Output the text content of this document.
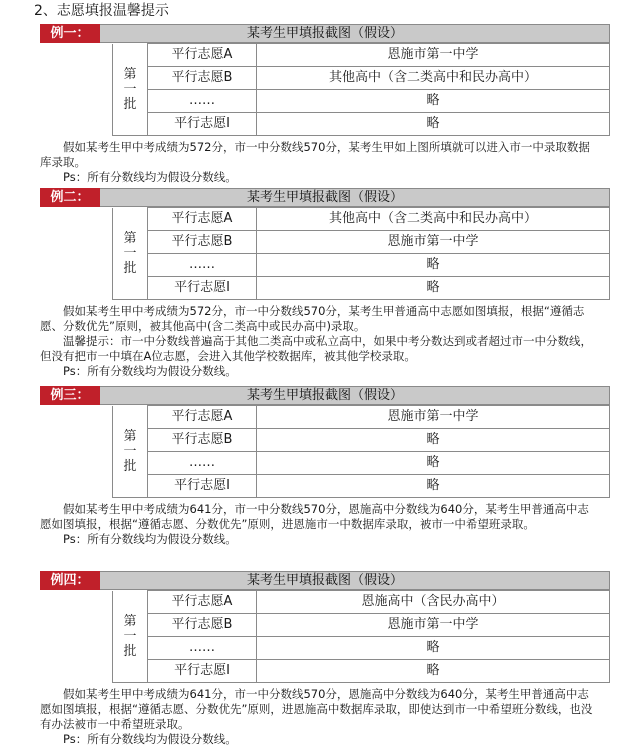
2、志愿填报温馨提示
例一：	某考生甲填报截图（假设）
第
一
批	平行志愿A	恩施市第一中学
	平行志愿B	其他高中（含二类高中和民办高中）
	……	略
	平行志愿I	略

假如某考生甲中考成绩为572分，市一中分数线570分，某考生甲如上图所填就可以进入市一中录取数据库录取。

Ps：所有分数线均为假设分数线。

例二：	某考生甲填报截图（假设）
第
一
批	平行志愿A	其他高中（含二类高中和民办高中）
	平行志愿B	恩施市第一中学
	……	略
	平行志愿I	略

假如某考生甲中考成绩为572分，市一中分数线570分，某考生甲普通高中志愿如图填报，根据“遵循志愿、分数优先”原则，被其他高中(含二类高中或民办高中)录取。

温馨提示：市一中分数线普遍高于其他二类高中或私立高中，如果中考分数达到或者超过市一中分数线，但没有把市一中填在A位志愿，会进入其他学校数据库，被其他学校录取。

Ps：所有分数线均为假设分数线。

例三：	某考生甲填报截图（假设）
第
一
批	平行志愿A	恩施市第一中学
	平行志愿B	略
	……	略
	平行志愿I	略

假如某考生甲中考成绩为641分，市一中分数线570分，恩施高中分数线为640分，某考生甲普通高中志愿如图填报，根据“遵循志愿、分数优先”原则，进恩施市一中数据库录取，被市一中希望班录取。

Ps：所有分数线均为假设分数线。

例四：	某考生甲填报截图（假设）
第
一
批	平行志愿A	恩施高中（含民办高中）
	平行志愿B	恩施市第一中学
	……	略
	平行志愿I	略

假如某考生甲中考成绩为641分，市一中分数线570分，恩施高中分数线为640分，某考生甲普通高中志愿如图填报，根据“遵循志愿、分数优先”原则，进恩施高中数据库录取，即使达到市一中希望班分数线，也没有办法被市一中希望班录取。

Ps：所有分数线均为假设分数线。
